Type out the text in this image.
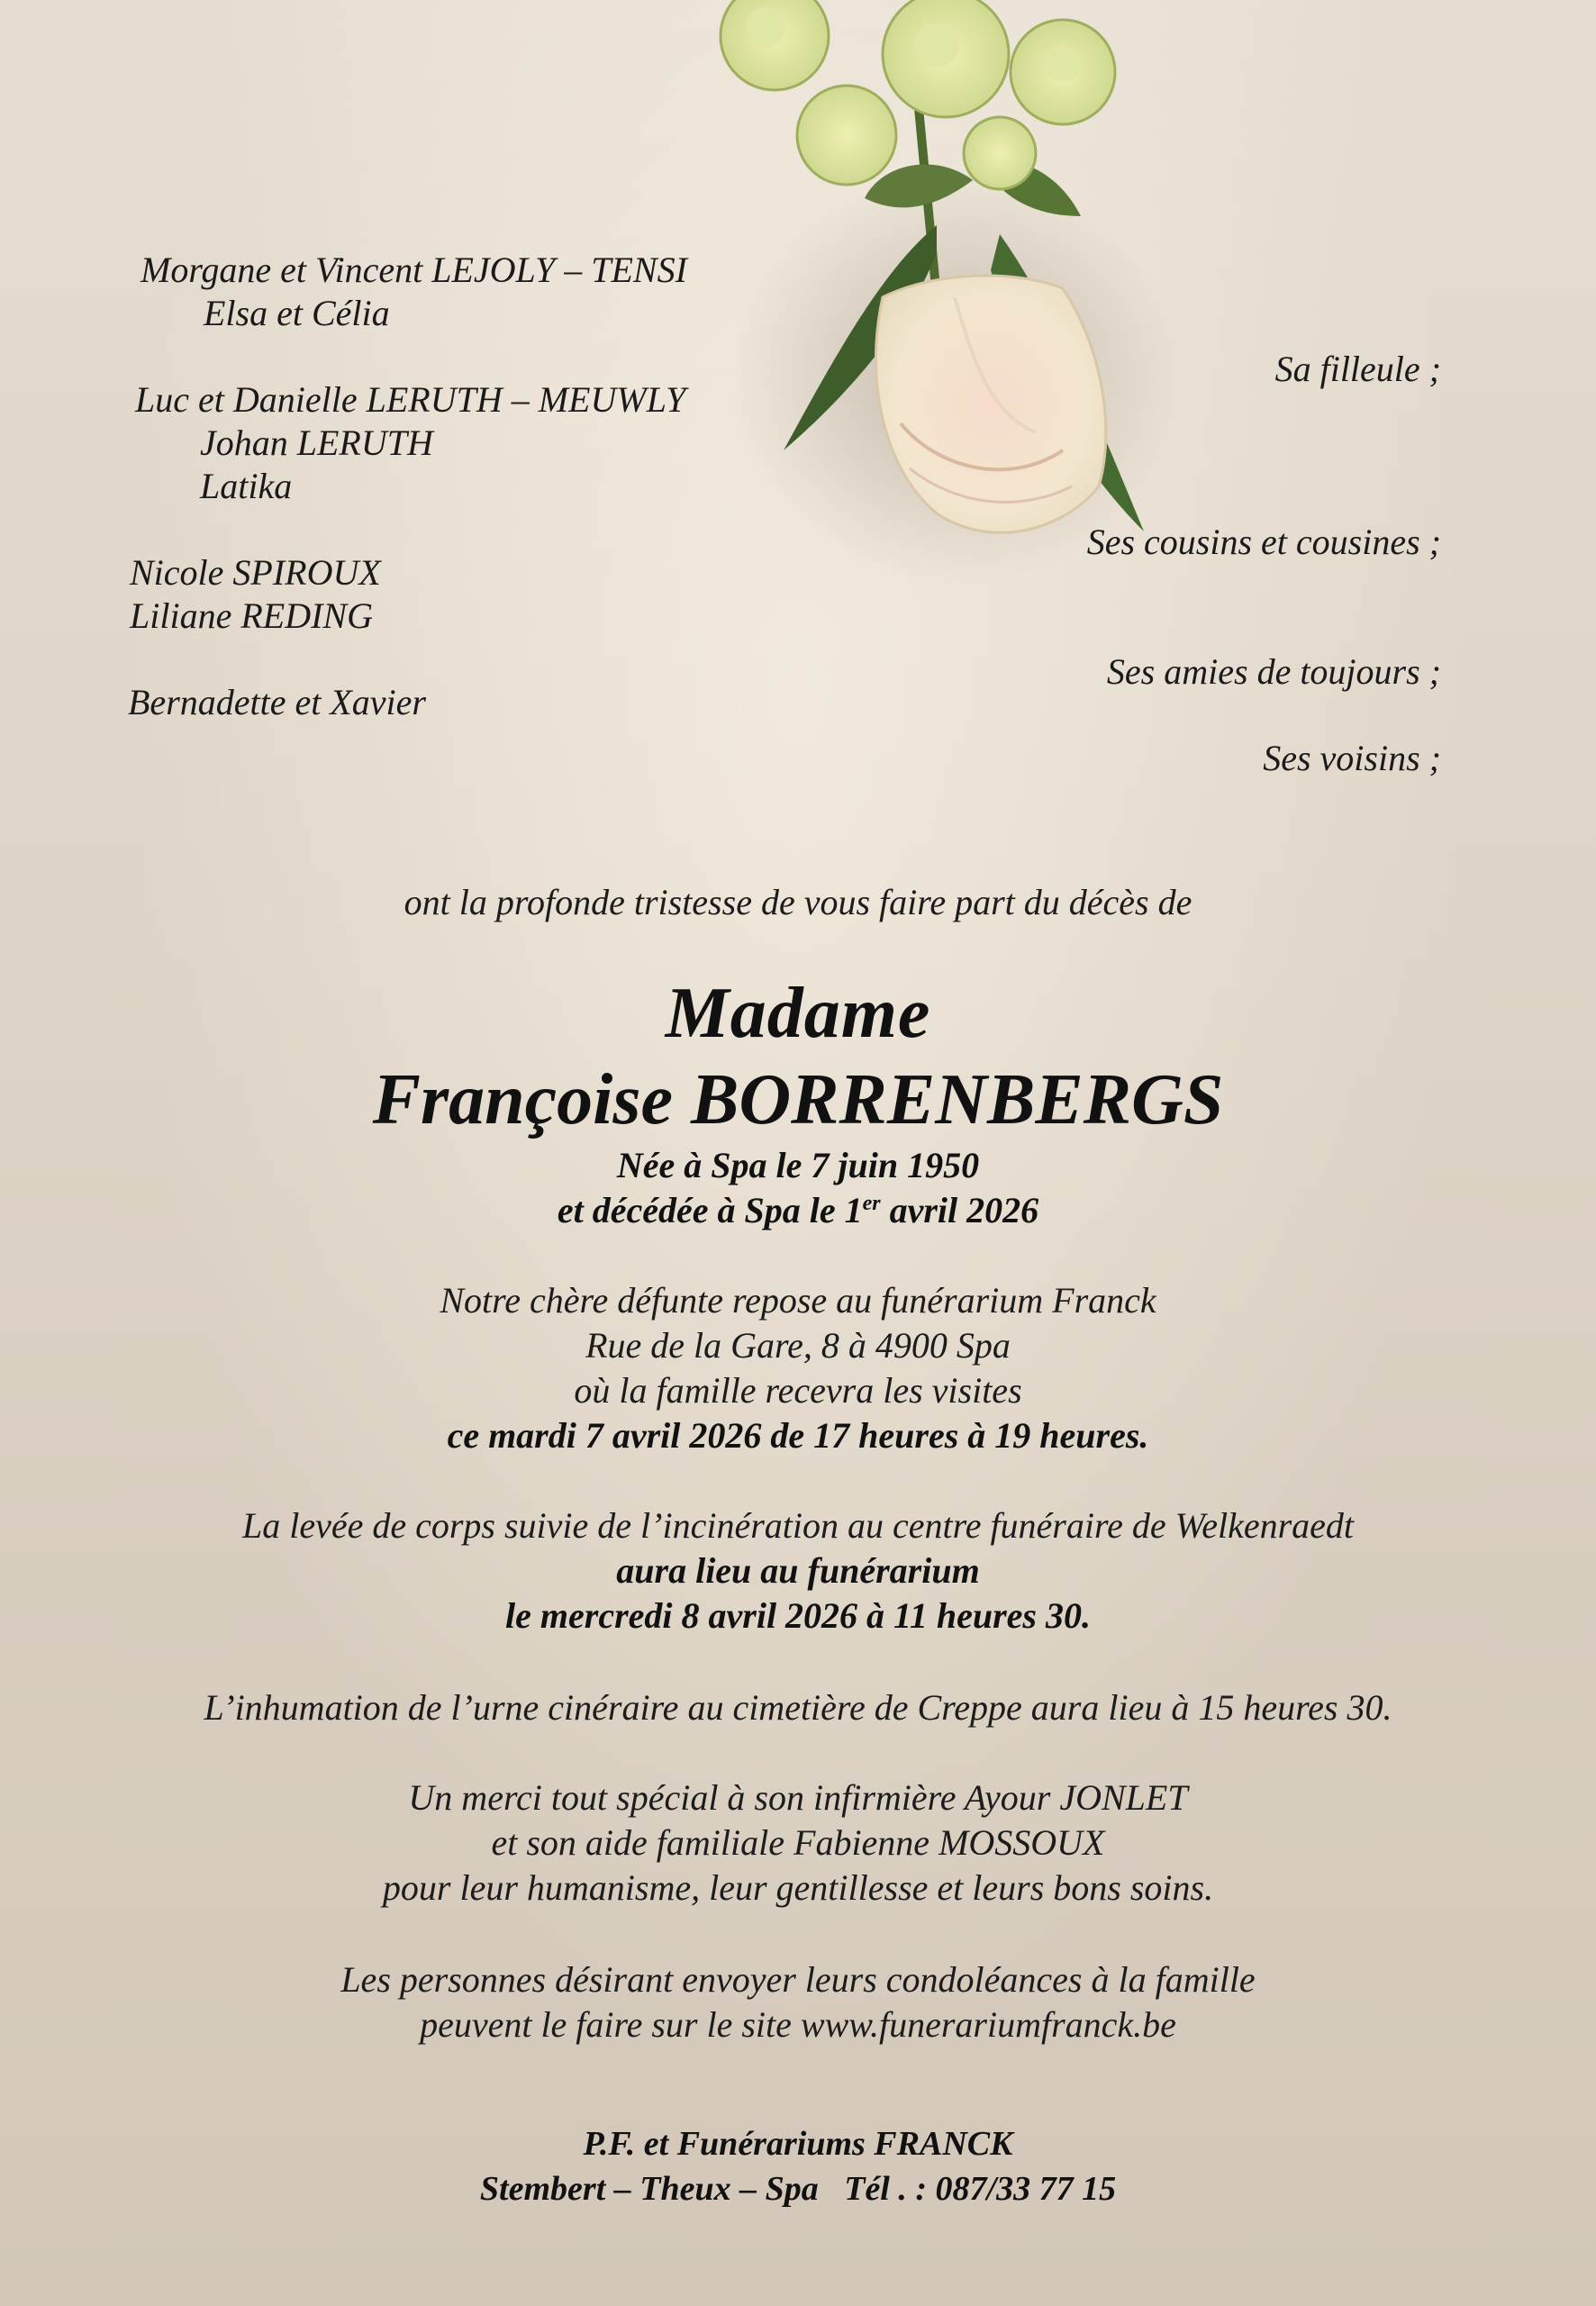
Morgane et Vincent LEJOLY – TENSI
Elsa et Célia
Luc et Danielle LERUTH – MEUWLY
Johan LERUTH
Latika
Nicole SPIROUX
Liliane REDING
Bernadette et Xavier
Sa filleule ;
Ses cousins et cousines ;
Ses amies de toujours ;
Ses voisins ;
ont la profonde tristesse de vous faire part du décès de
Madame
Françoise BORRENBERGS
Née à Spa le 7 juin 1950
et décédée à Spa le 1er avril 2026
Notre chère défunte repose au funérarium Franck
Rue de la Gare, 8 à 4900 Spa
où la famille recevra les visites
ce mardi 7 avril 2026 de 17 heures à 19 heures.
La levée de corps suivie de l’incinération au centre funéraire de Welkenraedt
aura lieu au funérarium
le mercredi 8 avril 2026 à 11 heures 30.
L’inhumation de l’urne cinéraire au cimetière de Creppe aura lieu à 15 heures 30.
Un merci tout spécial à son infirmière Ayour JONLET
et son aide familiale Fabienne MOSSOUX
pour leur humanisme, leur gentillesse et leurs bons soins.
Les personnes désirant envoyer leurs condoléances à la famille
peuvent le faire sur le site www.funerariumfranck.be
P.F. et Funérariums FRANCK
Stembert – Theux – Spa   Tél . : 087/33 77 15
